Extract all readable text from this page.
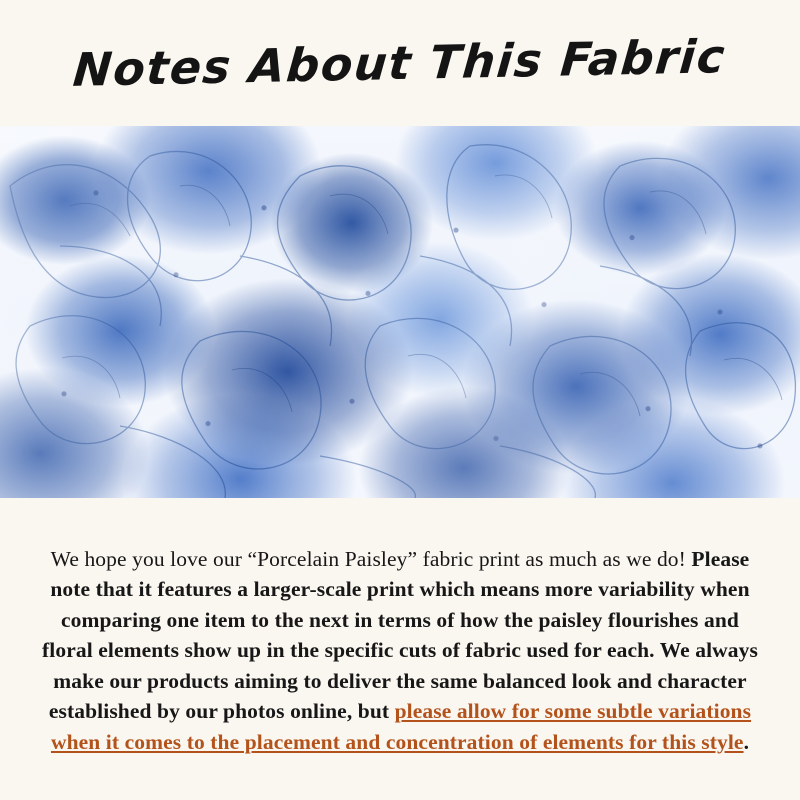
Notes About This Fabric

We hope you love our “Porcelain Paisley” fabric print as much as we do! Please note that it features a larger-scale print which means more variability when comparing one item to the next in terms of how the paisley flourishes and floral elements show up in the specific cuts of fabric used for each. We always make our products aiming to deliver the same balanced look and character established by our photos online, but please allow for some subtle variations when it comes to the placement and concentration of elements for this style.
